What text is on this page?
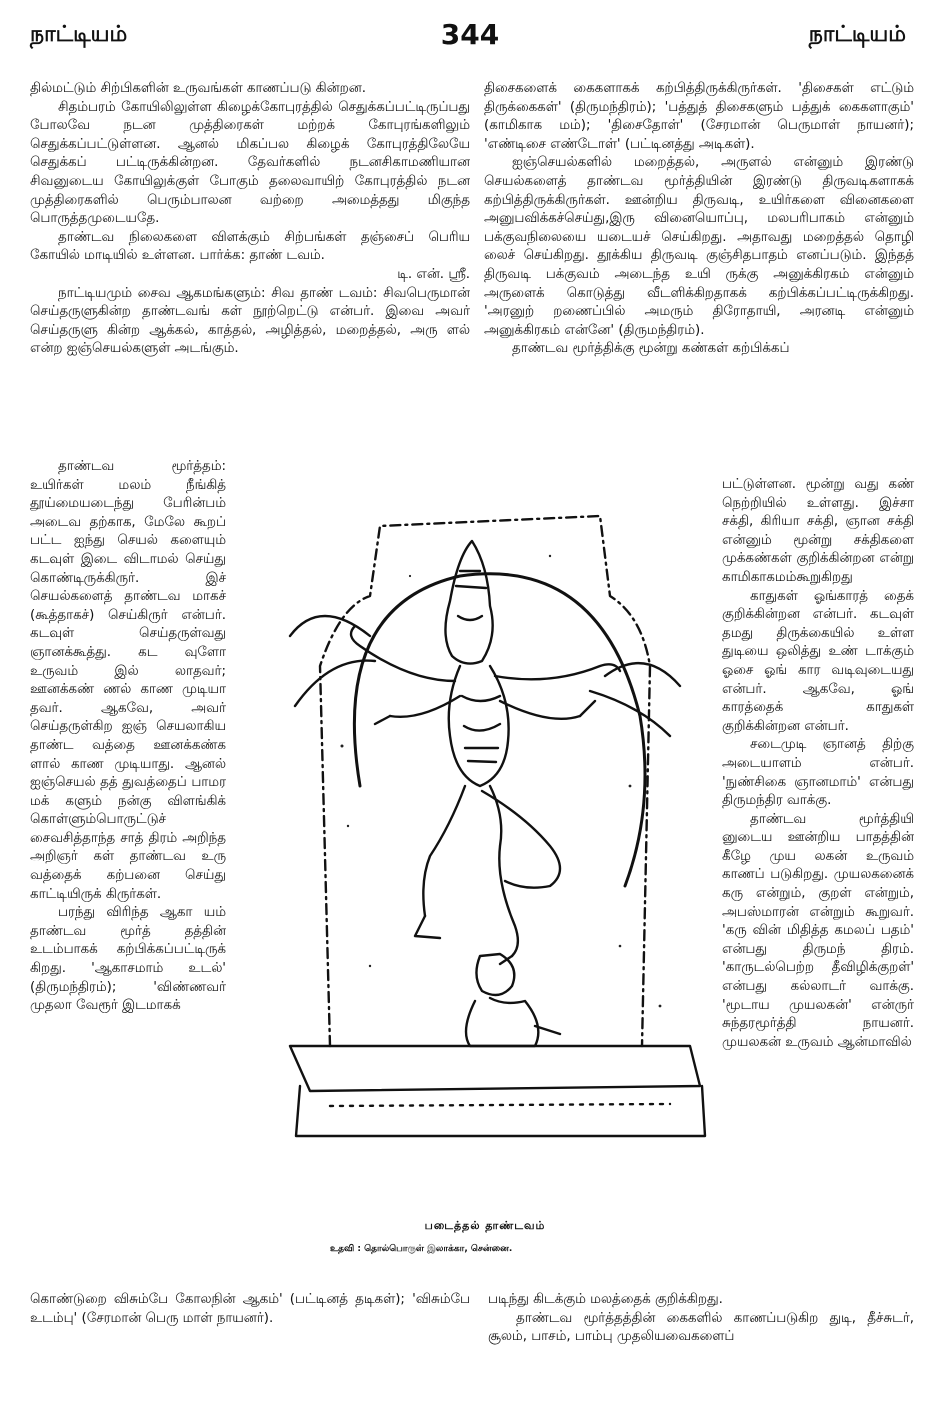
நாட்டியம்	344	நாட்டியம்

தில்மட்டும் சிற்பிகளின் உருவங்கள் காணப்படு கின்றன.

சிதம்பரம் கோயிலிலுள்ள கிழைக்கோபுரத்தில் செதுக்கப்பட்டிருப்பது போலவே நடன முத்திரைகள் மற்றக் கோபுரங்களிலும் செதுக்கப்பட்டுள்ளன. ஆனல் மிகப்பல கிழைக் கோபுரத்திலேயே செதுக்கப் பட்டிருக்கின்றன. தேவர்களில் நடனசிகாமணியான சிவனுடைய கோயிலுக்குள் போகும் தலைவாயிற் கோபுரத்தில் நடன முத்திரைகளில் பெரும்பாலன வற்றை அமைத்தது மிகுந்த பொருத்தமுடையதே.

தாண்டவ நிலைகளை விளக்கும் சிற்பங்கள் தஞ்சைப் பெரிய கோயில் மாடியில் உள்ளன. பார்க்க: தாண் டவம்.

டி. என். ஸ்ரீ.

நாட்டியமும் சைவ ஆகமங்களும்: சிவ தாண் டவம்: சிவபெருமான் செய்தருளுகின்ற தாண்டவங் கள் நூற்றெட்டு என்பர். இவை அவர் செய்தருளு கின்ற ஆக்கல், காத்தல், அழித்தல், மறைத்தல், அரு ளல் என்ற ஐஞ்செயல்களுள் அடங்கும்.

தாண்டவ மூர்த்தம்: உயிர்கள் மலம் நீங்கித் தூய்மையடைந்து பேரின்பம் அடைவ தற்காக, மேலே கூறப் பட்ட ஐந்து செயல் களையும் கடவுள் இடை விடாமல் செய்து கொண்டிருக்கிருர். இச் செயல்களைத் தாண்டவ மாகச் (கூத்தாகச்) செய்கிருர் என்பர். கடவுள் செய்தருள்வது ஞானக்கூத்து. கட வுளோ உருவம் இல் லாதவர்; ஊனக்கண் ணல் காண முடியா தவர். ஆகவே, அவர் செய்தருள்கிற ஐஞ் செயலாகிய தாண்ட வத்தை ஊனக்கண்க ளால் காண முடியாது. ஆனல் ஐஞ்செயல் தத் துவத்தைப் பாமர மக் களும் நன்கு விளங்கிக் கொள்ளும்பொருட்டுச் சைவசித்தாந்த சாத் திரம் அறிந்த அறிஞர் கள் தாண்டவ உரு வத்தைக் கற்பனை செய்து காட்டியிருக் கிருர்கள்.

பரந்து விரிந்த ஆகா யம் தாண்டவ மூர்த் தத்தின் உடம்பாகக் கற்பிக்கப்பட்டிருக் கிறது. 'ஆகாசமாம் உடல்' (திருமந்திரம்); 'விண்ணவர் முதலா வேரூர் இடமாகக்

கொண்டுறை விசும்பே கோலநின் ஆகம்' (பட்டினத் தடிகள்); 'விசும்பே உடம்பு' (சேரமான் பெரு மாள் நாயனர்).

திசைகளைக் கைகளாகக் கற்பித்திருக்கிருர்கள். 'திசைகள் எட்டும் திருக்கைகள்' (திருமந்திரம்); 'பத்துத் திசைகளும் பத்துக் கைகளாகும்' (காமிகாக மம்); 'திசைதோள்' (சேரமான் பெருமாள் நாயனர்); 'எண்டிசை எண்டோள்' (பட்டினத்து அடிகள்).

ஐஞ்செயல்களில் மறைத்தல், அருளல் என்னும் இரண்டு செயல்களைத் தாண்டவ மூர்த்தியின் இரண்டு திருவடிகளாகக் கற்பித்திருக்கிருர்கள். ஊன்றிய திருவடி, உயிர்களை வினைகளை அனுபவிக்கச்செய்து,இரு வினையொப்பு, மலபரிபாகம் என்னும் பக்குவநிலையை யடையச் செய்கிறது. அதாவது மறைத்தல் தொழி லைச் செய்கிறது. தூக்கிய திருவடி குஞ்சிதபாதம் எனப்படும். இந்தத் திருவடி பக்குவம் அடைந்த உயி ருக்கு அனுக்கிரகம் என்னும் அருளைக் கொடுத்து வீடளிக்கிறதாகக் கற்பிக்கப்பட்டிருக்கிறது. 'அரனுற் றணைப்பில் அமரும் திரோதாயி, அரனடி என்னும் அனுக்கிரகம் என்னே' (திருமந்திரம்).

தாண்டவ மூர்த்திக்கு மூன்று கண்கள் கற்பிக்கப்

பட்டுள்ளன. மூன்று வது கண் நெற்றியில் உள்ளது. இச்சா சக்தி, கிரியா சக்தி, ஞான சக்தி என்னும் மூன்று சக்திகளை முக்கண்கள் குறிக்கின்றன என்று காமிகாகமம்கூறுகிறது

காதுகள் ஓங்காரத் தைக் குறிக்கின்றன என்பர். கடவுள் தமது திருக்கையில் உள்ள துடியை ஒலித்து உண் டாக்கும் ஓசை ஓங் கார வடிவுடையது என்பர். ஆகவே, ஓங் காரத்தைக் காதுகள் குறிக்கின்றன என்பர்.

சடைமுடி ஞானத் திற்கு அடையாளம் என்பர். 'நுண்சிகை ஞானமாம்' என்பது திருமந்திர வாக்கு.

தாண்டவ மூர்த்தியி னுடைய ஊன்றிய பாதத்தின் கீழே முய லகன் உருவம் காணப் படுகிறது. முயலகனைக் கரு என்றும், குறள் என்றும், அபஸ்மாரன் என்றும் கூறுவர். 'கரு வின் மிதித்த கமலப் பதம்' என்பது திருமந் திரம். 'காருடல்பெற்ற தீவிழிக்குறள்' என்பது கல்லாடர் வாக்கு. 'மூடாய முயலகன்' என்ருர் சுந்தரமூர்த்தி நாயனர். முயலகன் உருவம் ஆன்மாவில்

படிந்து கிடக்கும் மலத்தைக் குறிக்கிறது.

தாண்டவ மூர்த்தத்தின் கைகளில் காணப்படுகிற துடி, தீச்சுடர், சூலம், பாசம், பாம்பு முதலியவைகளைப்

படைத்தல் தாண்டவம்
உதவி : தொல்பொருள் இலாக்கா, சென்னை.
